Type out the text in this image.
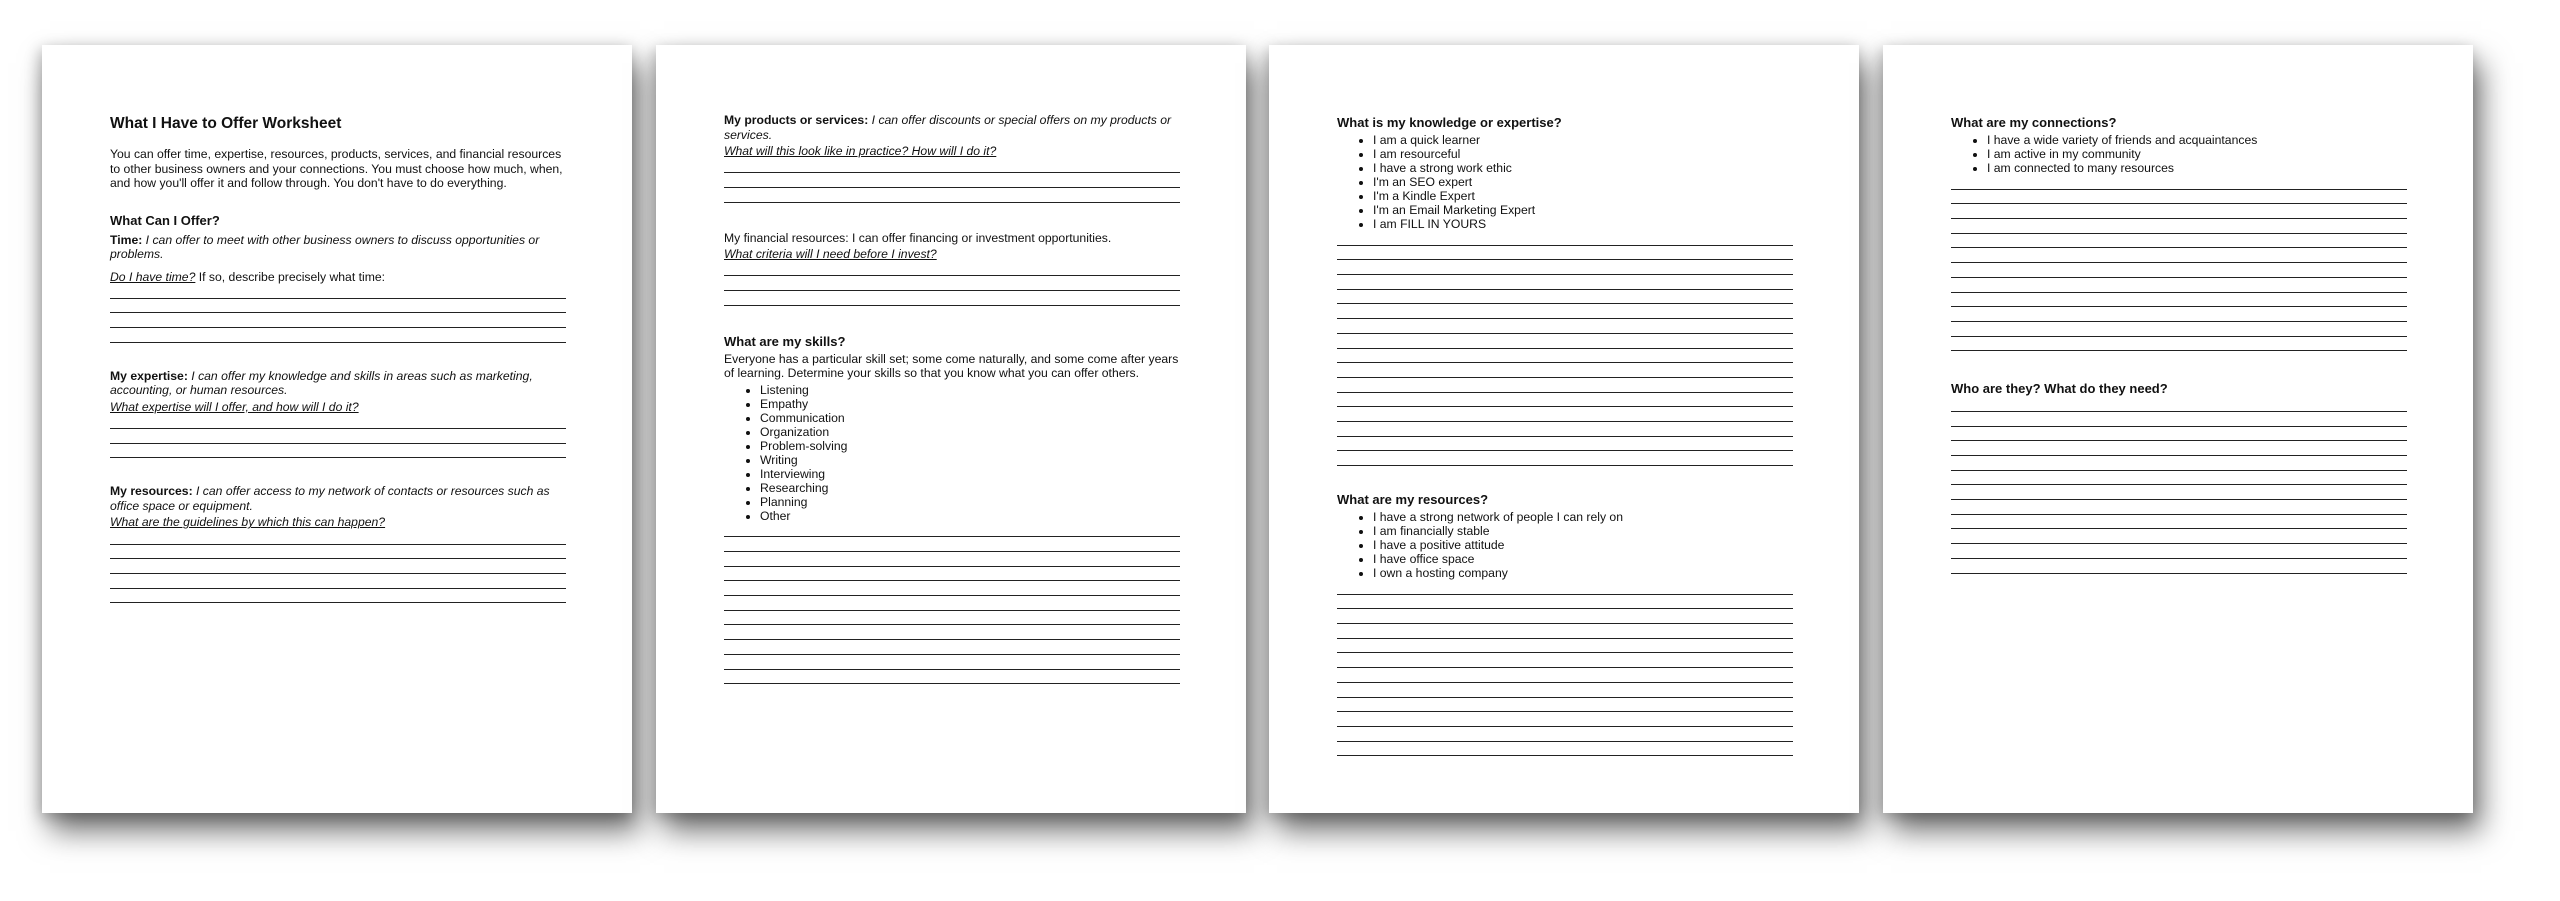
What I Have to Offer Worksheet

You can offer time, expertise, resources, products, services, and financial resources to other business owners and your connections. You must choose how much, when, and how you'll offer it and follow through. You don't have to do everything.

What Can I Offer?

Time: I can offer to meet with other business owners to discuss opportunities or problems.

Do I have time? If so, describe precisely what time:

My expertise: I can offer my knowledge and skills in areas such as marketing, accounting, or human resources.

What expertise will I offer, and how will I do it?

My resources: I can offer access to my network of contacts or resources such as office space or equipment.

What are the guidelines by which this can happen?

My products or services: I can offer discounts or special offers on my products or services.

What will this look like in practice? How will I do it?

My financial resources: I can offer financing or investment opportunities.

What criteria will I need before I invest?

What are my skills?

Everyone has a particular skill set; some come naturally, and some come after years of learning. Determine your skills so that you know what you can offer others.

• Listening
• Empathy
• Communication
• Organization
• Problem-solving
• Writing
• Interviewing
• Researching
• Planning
• Other
What is my knowledge or expertise?
• I am a quick learner
• I am resourceful
• I have a strong work ethic
• I'm an SEO expert
• I'm a Kindle Expert
• I'm an Email Marketing Expert
• I am FILL IN YOURS
What are my resources?
• I have a strong network of people I can rely on
• I am financially stable
• I have a positive attitude
• I have office space
• I own a hosting company
What are my connections?
• I have a wide variety of friends and acquaintances
• I am active in my community
• I am connected to many resources
Who are they? What do they need?
